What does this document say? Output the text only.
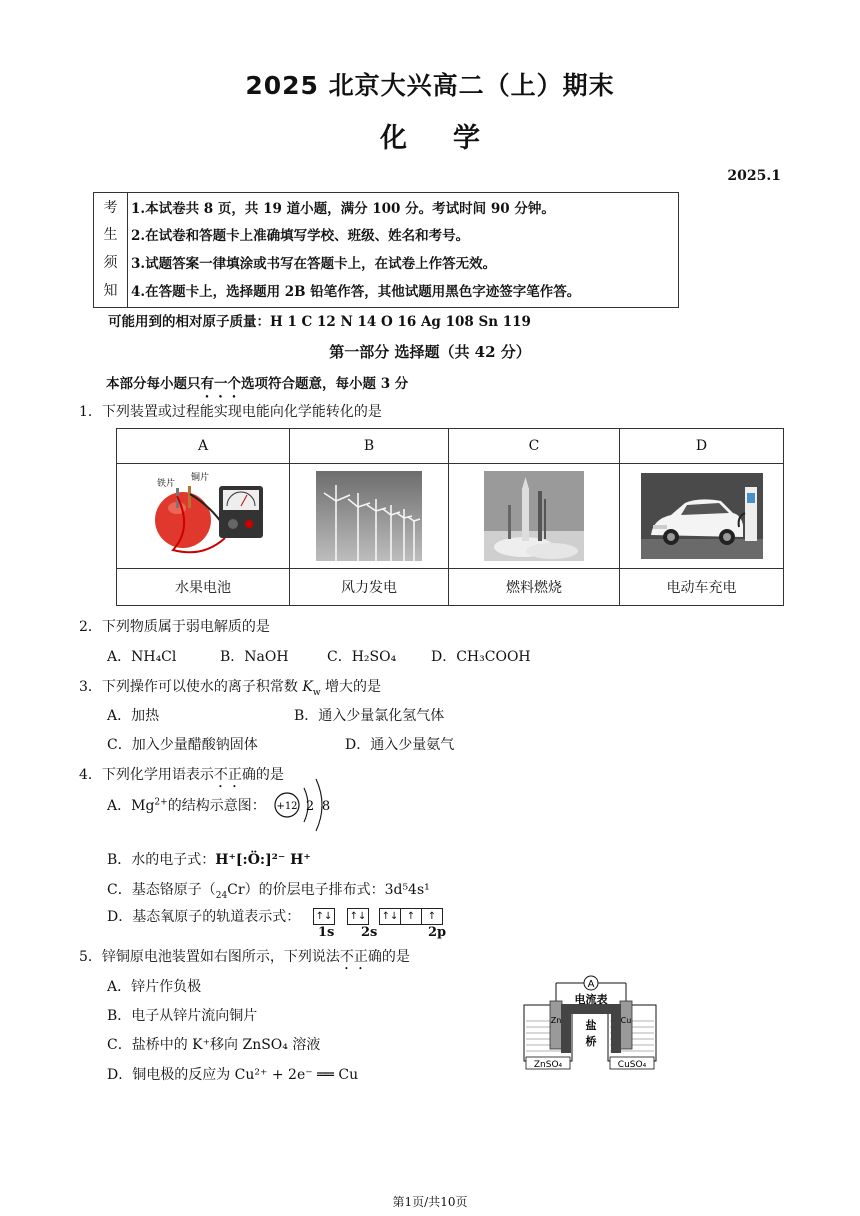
2025 北京大兴高二（上）期末
化学
2025.1
考
生
须
知
1.本试卷共 8 页，共 19 道小题，满分 100 分。考试时间 90 分钟。
2.在试卷和答题卡上准确填写学校、班级、姓名和考号。
3.试题答案一律填涂或书写在答题卡上，在试卷上作答无效。
4.在答题卡上，选择题用 2B 铅笔作答，其他试题用黑色字迹签字笔作答。
可能用到的相对原子质量：H 1 C 12 N 14 O 16 Ag 108 Sn 119
第一部分 选择题（共 42 分）
本部分每小题只有一个选项符合题意，每小题 3 分
1．下列装置或过程能实现电能向化学能转化的是
A	B	C	D

铁片
铜片

水果电池	风力发电	燃料燃烧	电动车充电
2．下列物质属于弱电解质的是
A．NH₄Cl	B．NaOH	C．H₂SO₄ D．CH₃COOH
3．下列操作可以使水的离子积常数 $K_w$ 增大的是
A．加热	B．通入少量氯化氢气体
C．加入少量醋酸钠固体	D．通入少量氨气
4．下列化学用语表示不正确的是
A．$Mg^{2+}$的结构示意图： +12 2 8
B．水的电子式：H⁺[:Ö:]²⁻ H⁺
C．基态铬原子$(_{24}Cr)$的价层电子排布式：3d⁵4s¹
D．基态氧原子的轨道表示式： ↑↓ ↑↓ ↑↓ ↑ ↑
1s 2s	2p
5．锌铜原电池装置如右图所示，下列说法不正确的是
A．锌片作负极
B．电子从锌片流向铜片
C．盐桥中的 K⁺移向 ZnSO₄ 溶液
D．铜电极的反应为 Cu²⁺ + 2e⁻ ══ Cu
A
电流表
Zn	Cu
盐
桥
ZnSO₄	CuSO₄
第1页/共10页
